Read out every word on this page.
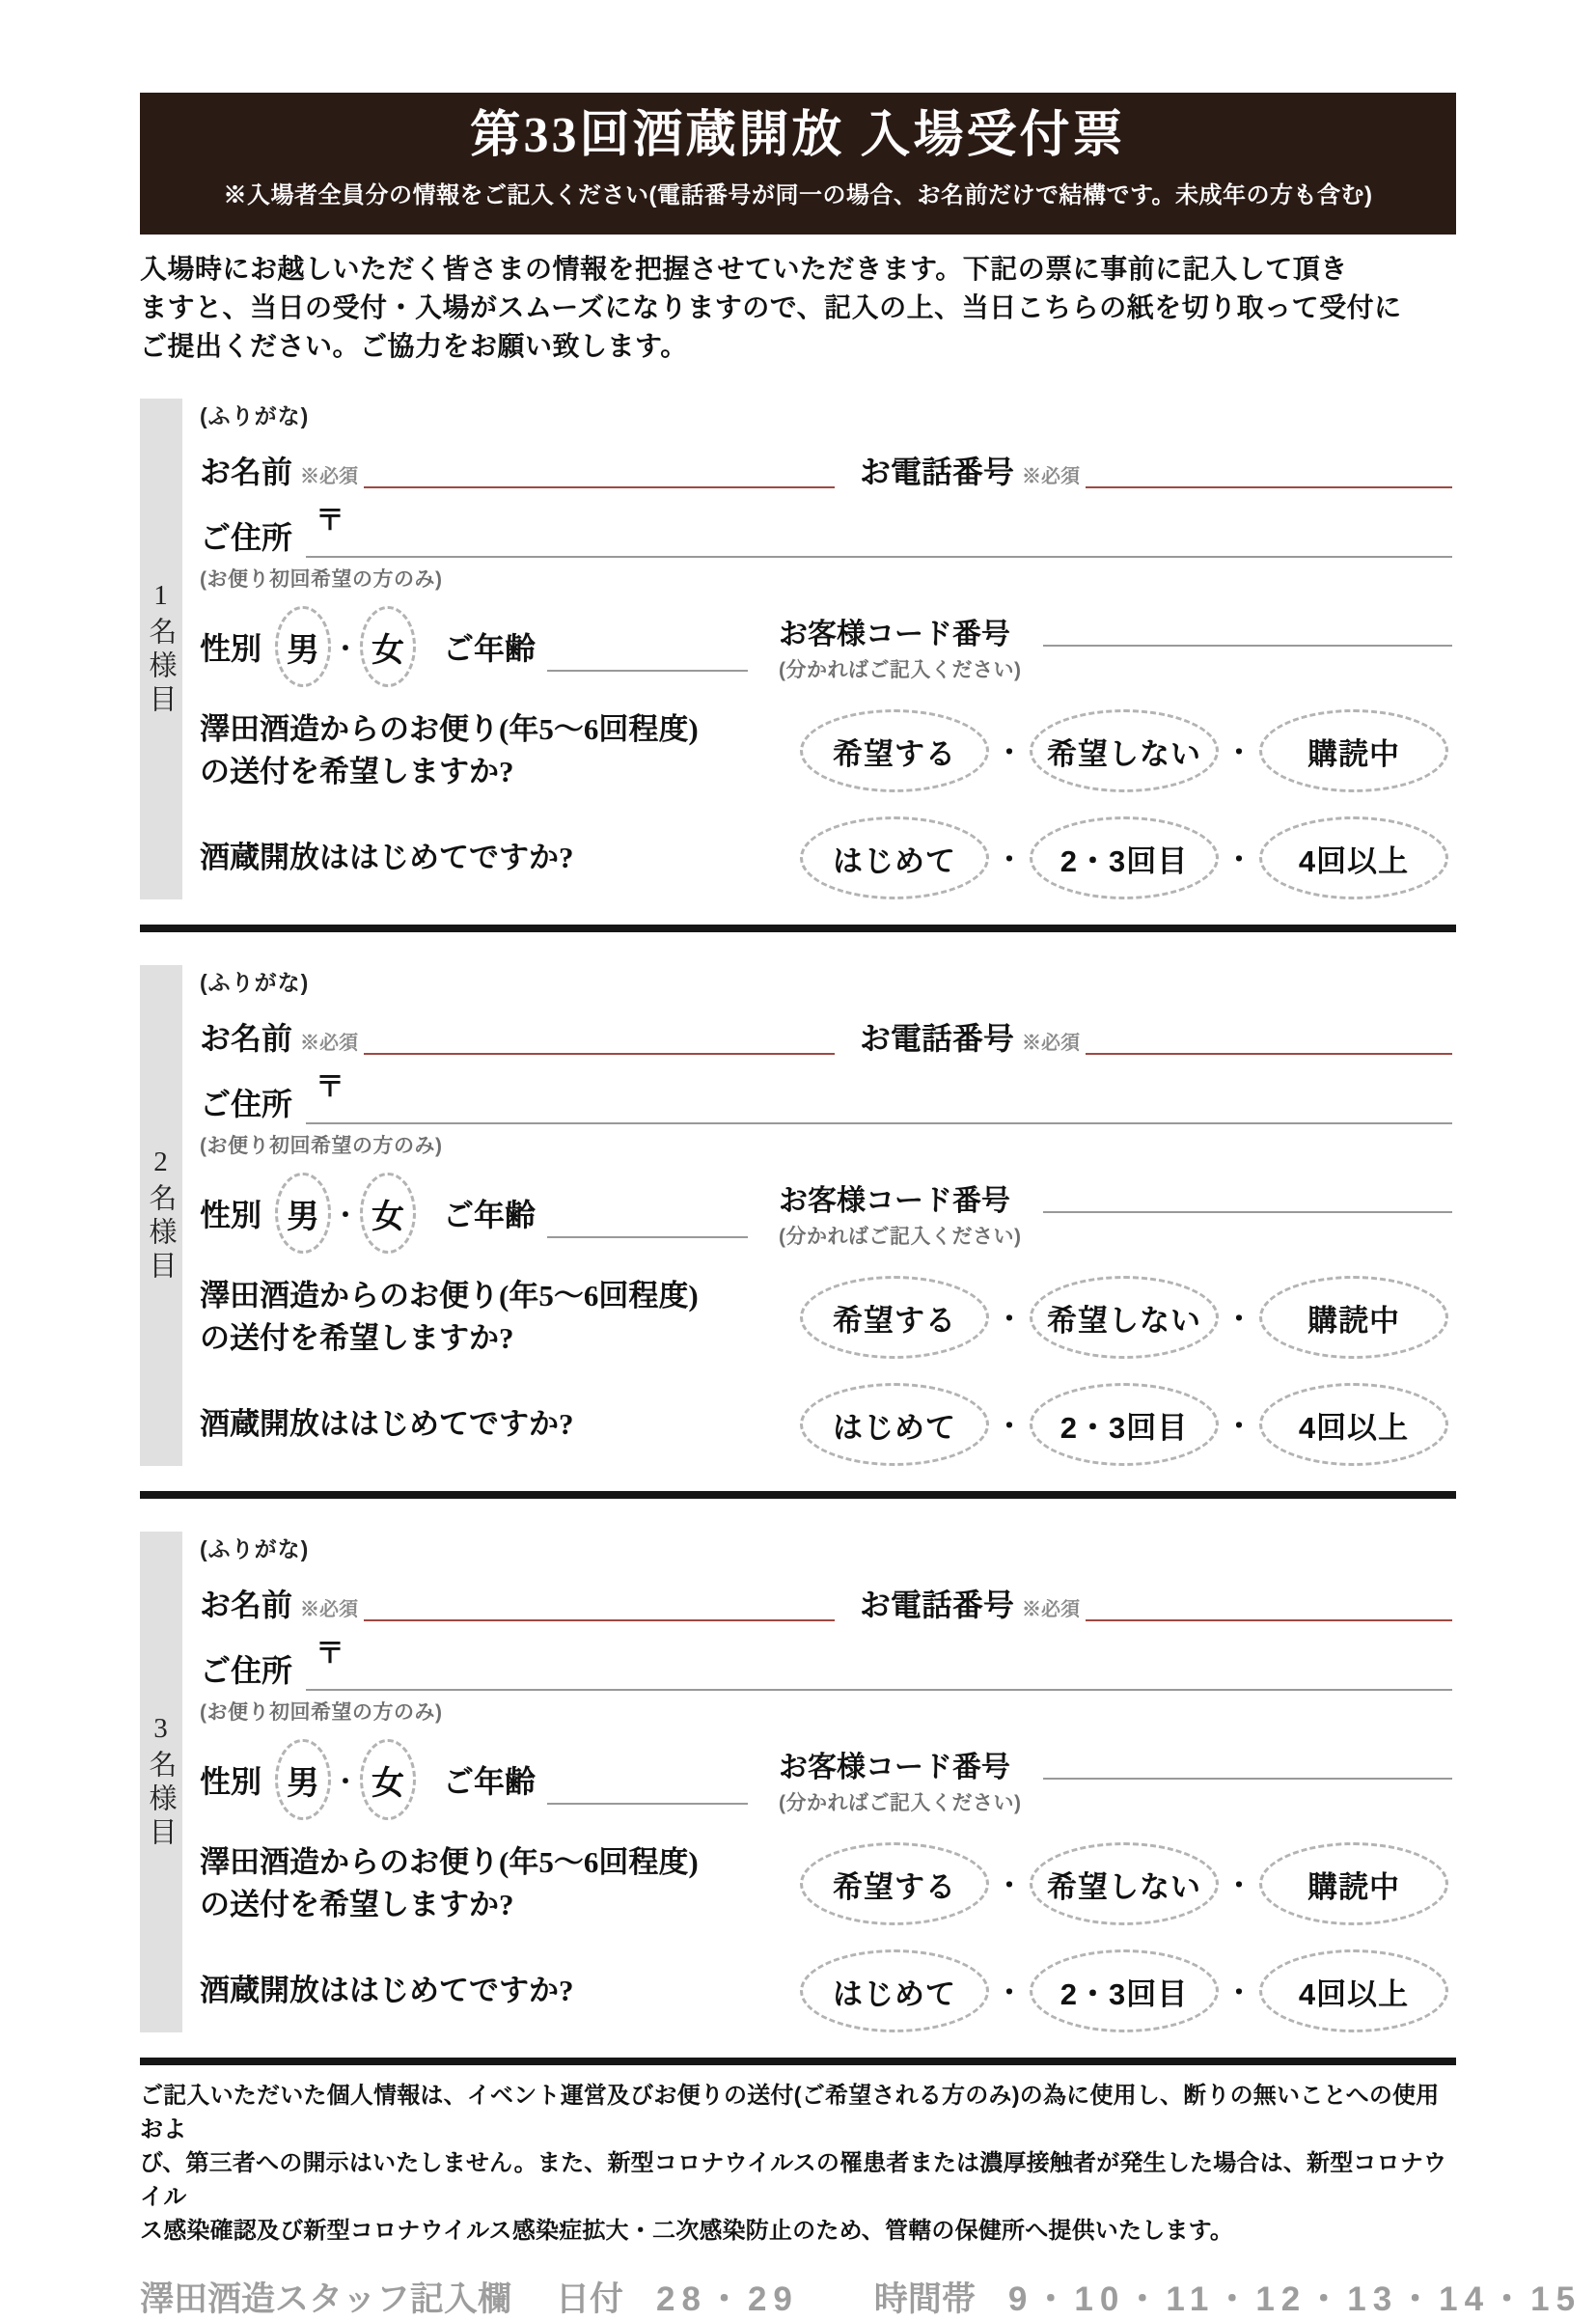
第33回酒蔵開放 入場受付票
※入場者全員分の情報をご記入ください(電話番号が同一の場合、お名前だけで結構です。未成年の方も含む)
入場時にお越しいただく皆さまの情報を把握させていただきます。下記の票に事前に記入して頂き
ますと、当日の受付・入場がスムーズになりますので、記入の上、当日こちらの紙を切り取って受付に
ご提出ください。ご協力をお願い致します。
1名様目
(ふりがな)
お名前 ※必須	お電話番号 ※必須
ご住所 〒
(お便り初回希望の方のみ)
性別 男 ・ 女	ご年齢	お客様コード番号
(分かればご記入ください)
澤田酒造からのお便り(年5〜6回程度)
の送付を希望しますか?
希望する	・ 希望しない ・	購読中
酒蔵開放ははじめてですか?	はじめて	・	2・3回目	・	4回以上
2名様目
(ふりがな)
お名前 ※必須	お電話番号 ※必須
ご住所 〒
(お便り初回希望の方のみ)
性別 男 ・ 女	ご年齢	お客様コード番号
(分かればご記入ください)
澤田酒造からのお便り(年5〜6回程度)
の送付を希望しますか?
希望する	・ 希望しない ・	購読中
酒蔵開放ははじめてですか?	はじめて	・	2・3回目	・	4回以上
3名様目
(ふりがな)
お名前 ※必須	お電話番号 ※必須
ご住所 〒
(お便り初回希望の方のみ)
性別 男 ・ 女	ご年齢	お客様コード番号
(分かればご記入ください)
澤田酒造からのお便り(年5〜6回程度)
の送付を希望しますか?
希望する	・ 希望しない ・	購読中
酒蔵開放ははじめてですか?	はじめて	・	2・3回目	・	4回以上
ご記入いただいた個人情報は、イベント運営及びお便りの送付(ご希望される方のみ)の為に使用し、断りの無いことへの使用およ
び、第三者への開示はいたしません。また、新型コロナウイルスの罹患者または濃厚接触者が発生した場合は、新型コロナウイル
ス感染確認及び新型コロナウイルス感染症拡大・二次感染防止のため、管轄の保健所へ提供いたします。
澤田酒造スタッフ記入欄 日付 28・29 時間帯 9・10・11・12・13・14・15
